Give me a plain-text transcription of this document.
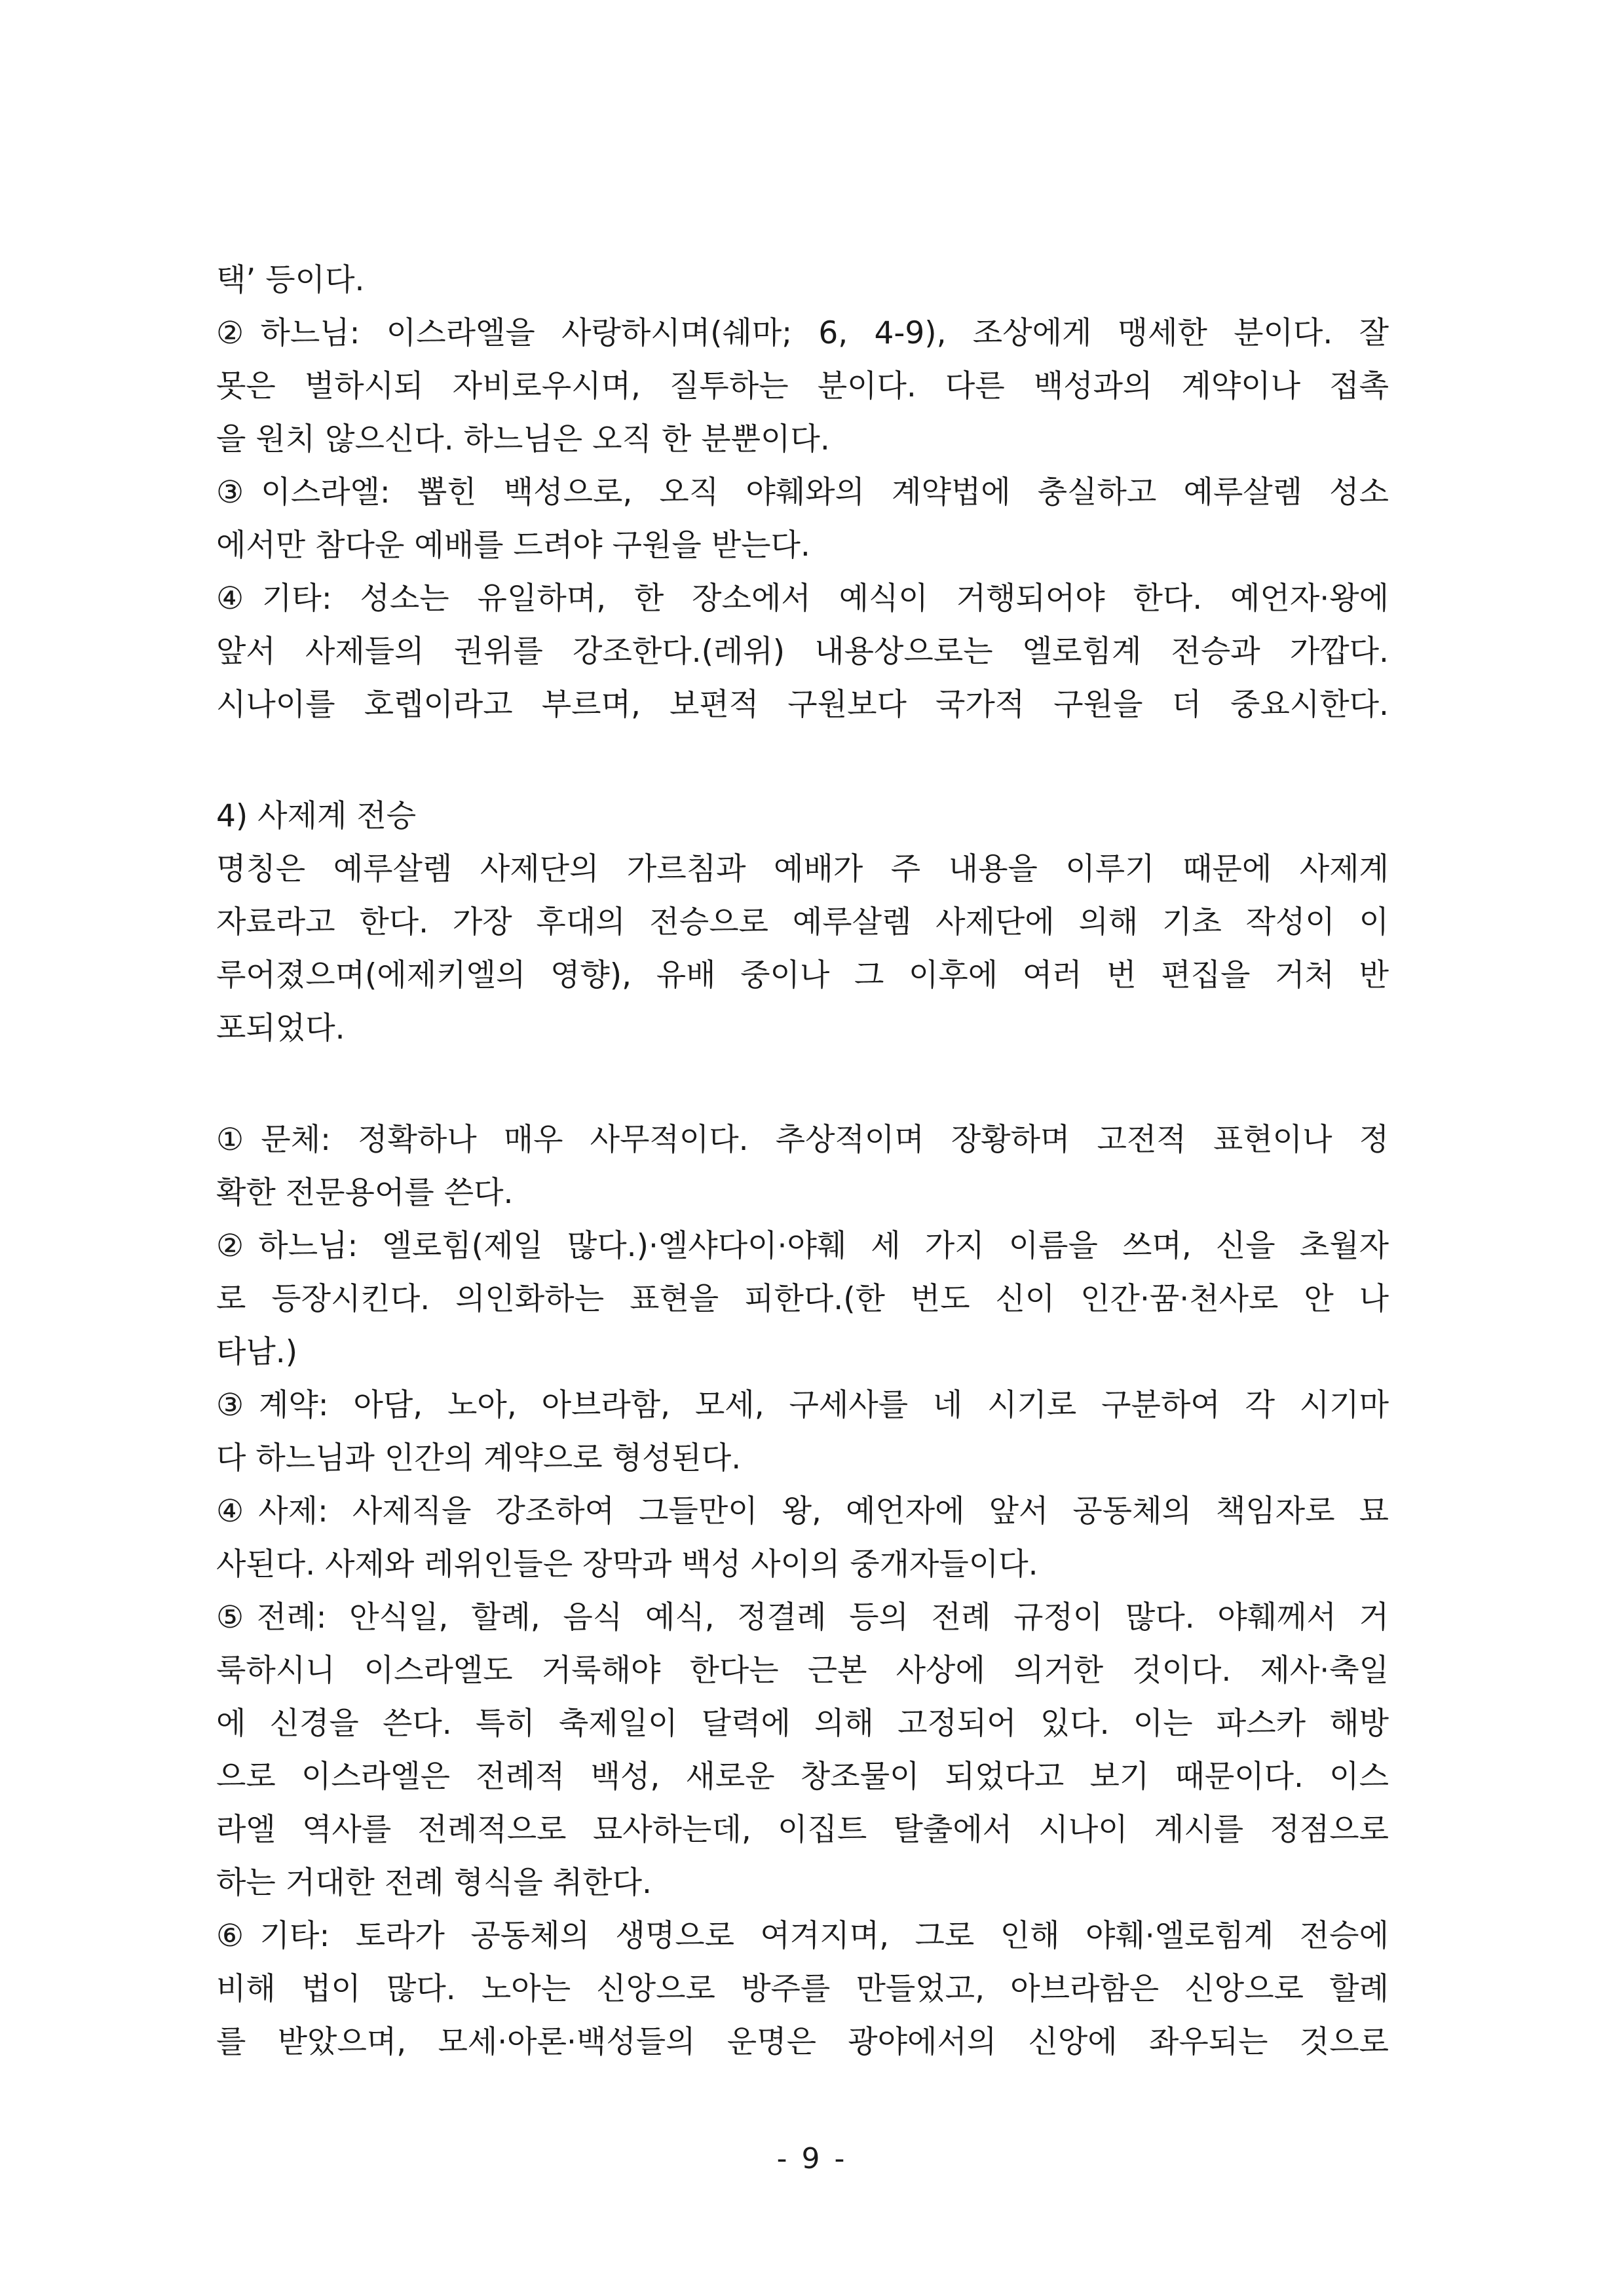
택’ 등이다.
②하느님: 이스라엘을 사랑하시며(쉐마; 6, 4-9), 조상에게 맹세한 분이다. 잘
못은 벌하시되 자비로우시며, 질투하는 분이다. 다른 백성과의 계약이나 접촉
을 원치 않으신다. 하느님은 오직 한 분뿐이다.
③이스라엘: 뽑힌 백성으로, 오직 야훼와의 계약법에 충실하고 예루살렘 성소
에서만 참다운 예배를 드려야 구원을 받는다.
④기타: 성소는 유일하며, 한 장소에서 예식이 거행되어야 한다. 예언자·왕에
앞서 사제들의 권위를 강조한다.(레위) 내용상으로는 엘로힘계 전승과 가깝다.
시나이를 호렙이라고 부르며, 보편적 구원보다 국가적 구원을 더 중요시한다.
4) 사제계 전승
명칭은 예루살렘 사제단의 가르침과 예배가 주 내용을 이루기 때문에 사제계
자료라고 한다. 가장 후대의 전승으로 예루살렘 사제단에 의해 기초 작성이 이
루어졌으며(에제키엘의 영향), 유배 중이나 그 이후에 여러 번 편집을 거처 반
포되었다.
①문체: 정확하나 매우 사무적이다. 추상적이며 장황하며 고전적 표현이나 정
확한 전문용어를 쓴다.
②하느님: 엘로힘(제일 많다.)·엘샤다이·야훼 세 가지 이름을 쓰며, 신을 초월자
로 등장시킨다. 의인화하는 표현을 피한다.(한 번도 신이 인간·꿈·천사로 안 나
타남.)
③계약: 아담, 노아, 아브라함, 모세, 구세사를 네 시기로 구분하여 각 시기마
다 하느님과 인간의 계약으로 형성된다.
④사제: 사제직을 강조하여 그들만이 왕, 예언자에 앞서 공동체의 책임자로 묘
사된다. 사제와 레위인들은 장막과 백성 사이의 중개자들이다.
⑤전례: 안식일, 할례, 음식 예식, 정결례 등의 전례 규정이 많다. 야훼께서 거
룩하시니 이스라엘도 거룩해야 한다는 근본 사상에 의거한 것이다. 제사·축일
에 신경을 쓴다. 특히 축제일이 달력에 의해 고정되어 있다. 이는 파스카 해방
으로 이스라엘은 전례적 백성, 새로운 창조물이 되었다고 보기 때문이다. 이스
라엘 역사를 전례적으로 묘사하는데, 이집트 탈출에서 시나이 계시를 정점으로
하는 거대한 전례 형식을 취한다.
⑥기타: 토라가 공동체의 생명으로 여겨지며, 그로 인해 야훼·엘로힘계 전승에
비해 법이 많다. 노아는 신앙으로 방주를 만들었고, 아브라함은 신앙으로 할례
를 받았으며, 모세·아론·백성들의 운명은 광야에서의 신앙에 좌우되는 것으로
- 9 -
